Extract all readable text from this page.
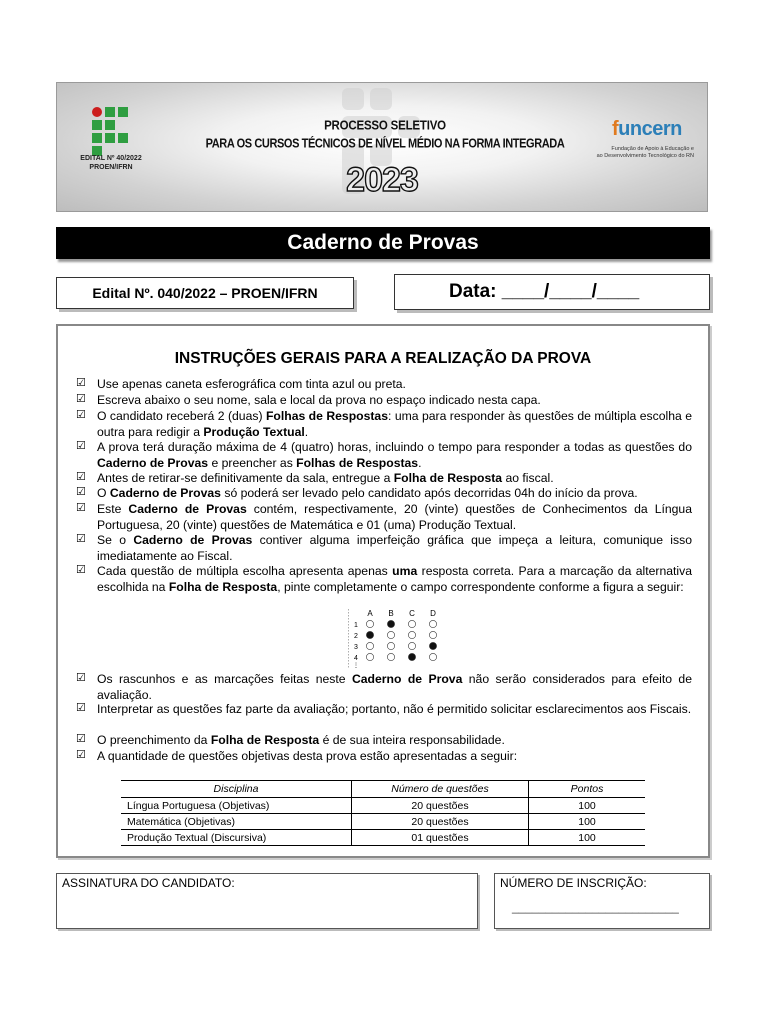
EDITAL Nº 40/2022
PROEN/IFRN
PROCESSO SELETIVO
PARA OS CURSOS TÉCNICOS DE NÍVEL MÉDIO NA FORMA INTEGRADA
2023
funcern
Fundação de Apoio à Educação e
ao Desenvolvimento Tecnológico do RN
Caderno de Provas
Edital Nº. 040/2022 – PROEN/IFRN	Data: ____/____/____
INSTRUÇÕES GERAIS PARA A REALIZAÇÃO DA PROVA
☑ Use apenas caneta esferográfica com tinta azul ou preta.
☑ Escreva abaixo o seu nome, sala e local da prova no espaço indicado nesta capa.
☑ O candidato receberá 2 (duas) Folhas de Respostas: uma para responder às questões de múltipla escolha e outra para redigir a Produção Textual.
☑ A prova terá duração máxima de 4 (quatro) horas, incluindo o tempo para responder a todas as questões do Caderno de Provas e preencher as Folhas de Respostas.
☑ Antes de retirar-se definitivamente da sala, entregue a Folha de Resposta ao fiscal.
☑ O Caderno de Provas só poderá ser levado pelo candidato após decorridas 04h do início da prova.
☑ Este Caderno de Provas contém, respectivamente, 20 (vinte) questões de Conhecimentos da Língua Portuguesa, 20 (vinte) questões de Matemática e 01 (uma) Produção Textual.
☑ Se o Caderno de Provas contiver alguma imperfeição gráfica que impeça a leitura, comunique isso imediatamente ao Fiscal.
☑ Cada questão de múltipla escolha apresenta apenas uma resposta correta. Para a marcação da alternativa escolhida na Folha de Resposta, pinte completamente o campo correspondente conforme a figura a seguir:
☑ Os rascunhos e as marcações feitas neste Caderno de Prova não serão considerados para efeito de avaliação.
☑ Interpretar as questões faz parte da avaliação; portanto, não é permitido solicitar esclarecimentos aos Fiscais.
☑ O preenchimento da Folha de Resposta é de sua inteira responsabilidade.
☑ A quantidade de questões objetivas desta prova estão apresentadas a seguir:
A B C D
1
2
3
4
⋮
Disciplina	Número de questões	Pontos
Língua Portuguesa (Objetivas)	20 questões	100
Matemática (Objetivas)	20 questões	100
Produção Textual (Discursiva)	01 questões	100
ASSINATURA DO CANDIDATO:	NÚMERO DE INSCRIÇÃO:
_________________________
